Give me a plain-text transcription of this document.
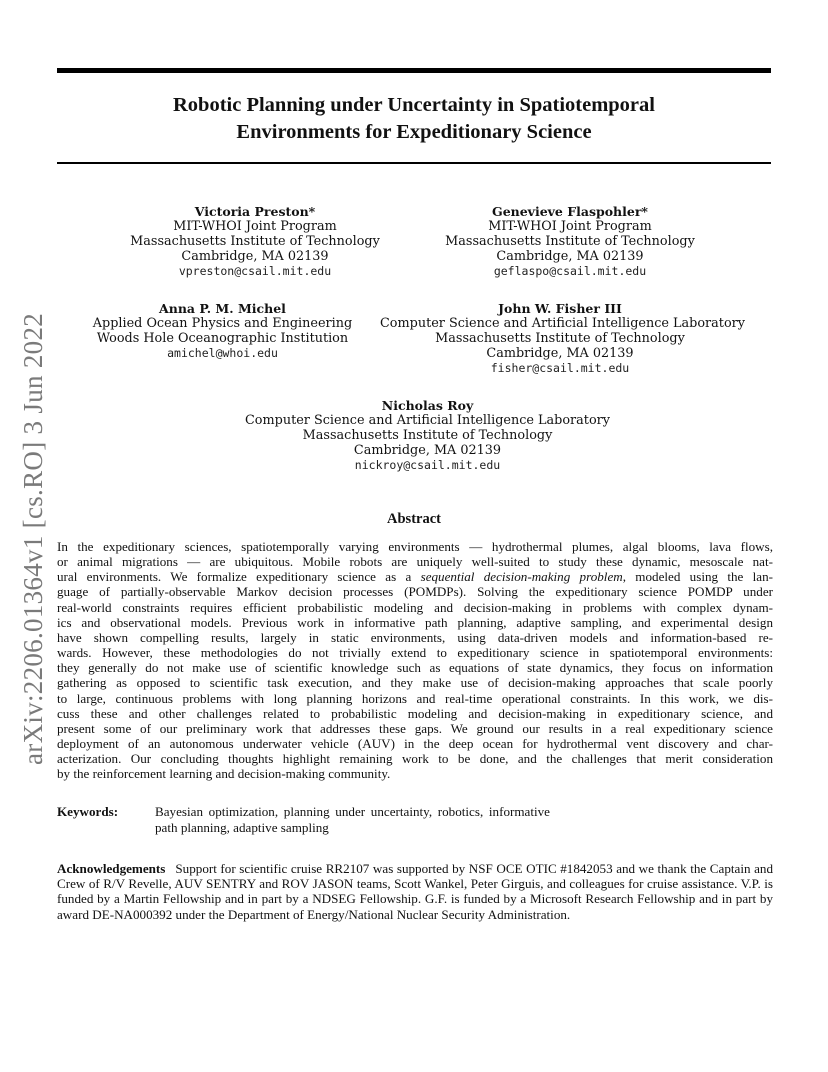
arXiv:2206.01364v1 [cs.RO] 3 Jun 2022
Robotic Planning under Uncertainty in Spatiotemporal
Environments for Expeditionary Science
Victoria Preston*
MIT-WHOI Joint Program
Massachusetts Institute of Technology
Cambridge, MA 02139
vpreston@csail.mit.edu
Genevieve Flaspohler*
MIT-WHOI Joint Program
Massachusetts Institute of Technology
Cambridge, MA 02139
geflaspo@csail.mit.edu
Anna P. M. Michel
Applied Ocean Physics and Engineering
Woods Hole Oceanographic Institution
amichel@whoi.edu
John W. Fisher III
Computer Science and Artificial Intelligence Laboratory
Massachusetts Institute of Technology
Cambridge, MA 02139
fisher@csail.mit.edu
Nicholas Roy
Computer Science and Artificial Intelligence Laboratory
Massachusetts Institute of Technology
Cambridge, MA 02139
nickroy@csail.mit.edu
Abstract
In the expeditionary sciences, spatiotemporally varying environments — hydrothermal plumes, algal blooms, lava flows,
or animal migrations — are ubiquitous. Mobile robots are uniquely well-suited to study these dynamic, mesoscale nat-
ural environments. We formalize expeditionary science as a sequential decision-making problem, modeled using the lan-
guage of partially-observable Markov decision processes (POMDPs). Solving the expeditionary science POMDP under
real-world constraints requires efficient probabilistic modeling and decision-making in problems with complex dynam-
ics and observational models. Previous work in informative path planning, adaptive sampling, and experimental design
have shown compelling results, largely in static environments, using data-driven models and information-based re-
wards. However, these methodologies do not trivially extend to expeditionary science in spatiotemporal environments:
they generally do not make use of scientific knowledge such as equations of state dynamics, they focus on information
gathering as opposed to scientific task execution, and they make use of decision-making approaches that scale poorly
to large, continuous problems with long planning horizons and real-time operational constraints. In this work, we dis-
cuss these and other challenges related to probabilistic modeling and decision-making in expeditionary science, and
present some of our preliminary work that addresses these gaps. We ground our results in a real expeditionary science
deployment of an autonomous underwater vehicle (AUV) in the deep ocean for hydrothermal vent discovery and char-
acterization. Our concluding thoughts highlight remaining work to be done, and the challenges that merit consideration
by the reinforcement learning and decision-making community.
Keywords:	Bayesian optimization, planning under uncertainty, robotics, informative path planning, adaptive sampling
Acknowledgements Support for scientific cruise RR2107 was supported by NSF OCE OTIC #1842053 and we thank the Captain and Crew of R/V Revelle, AUV SENTRY and ROV JASON teams, Scott Wankel, Peter Girguis, and colleagues for cruise assistance. V.P. is funded by a Martin Fellowship and in part by a NDSEG Fellowship. G.F. is funded by a Microsoft Research Fellowship and in part by award DE-NA000392 under the Department of Energy/National Nuclear Security Administration.
